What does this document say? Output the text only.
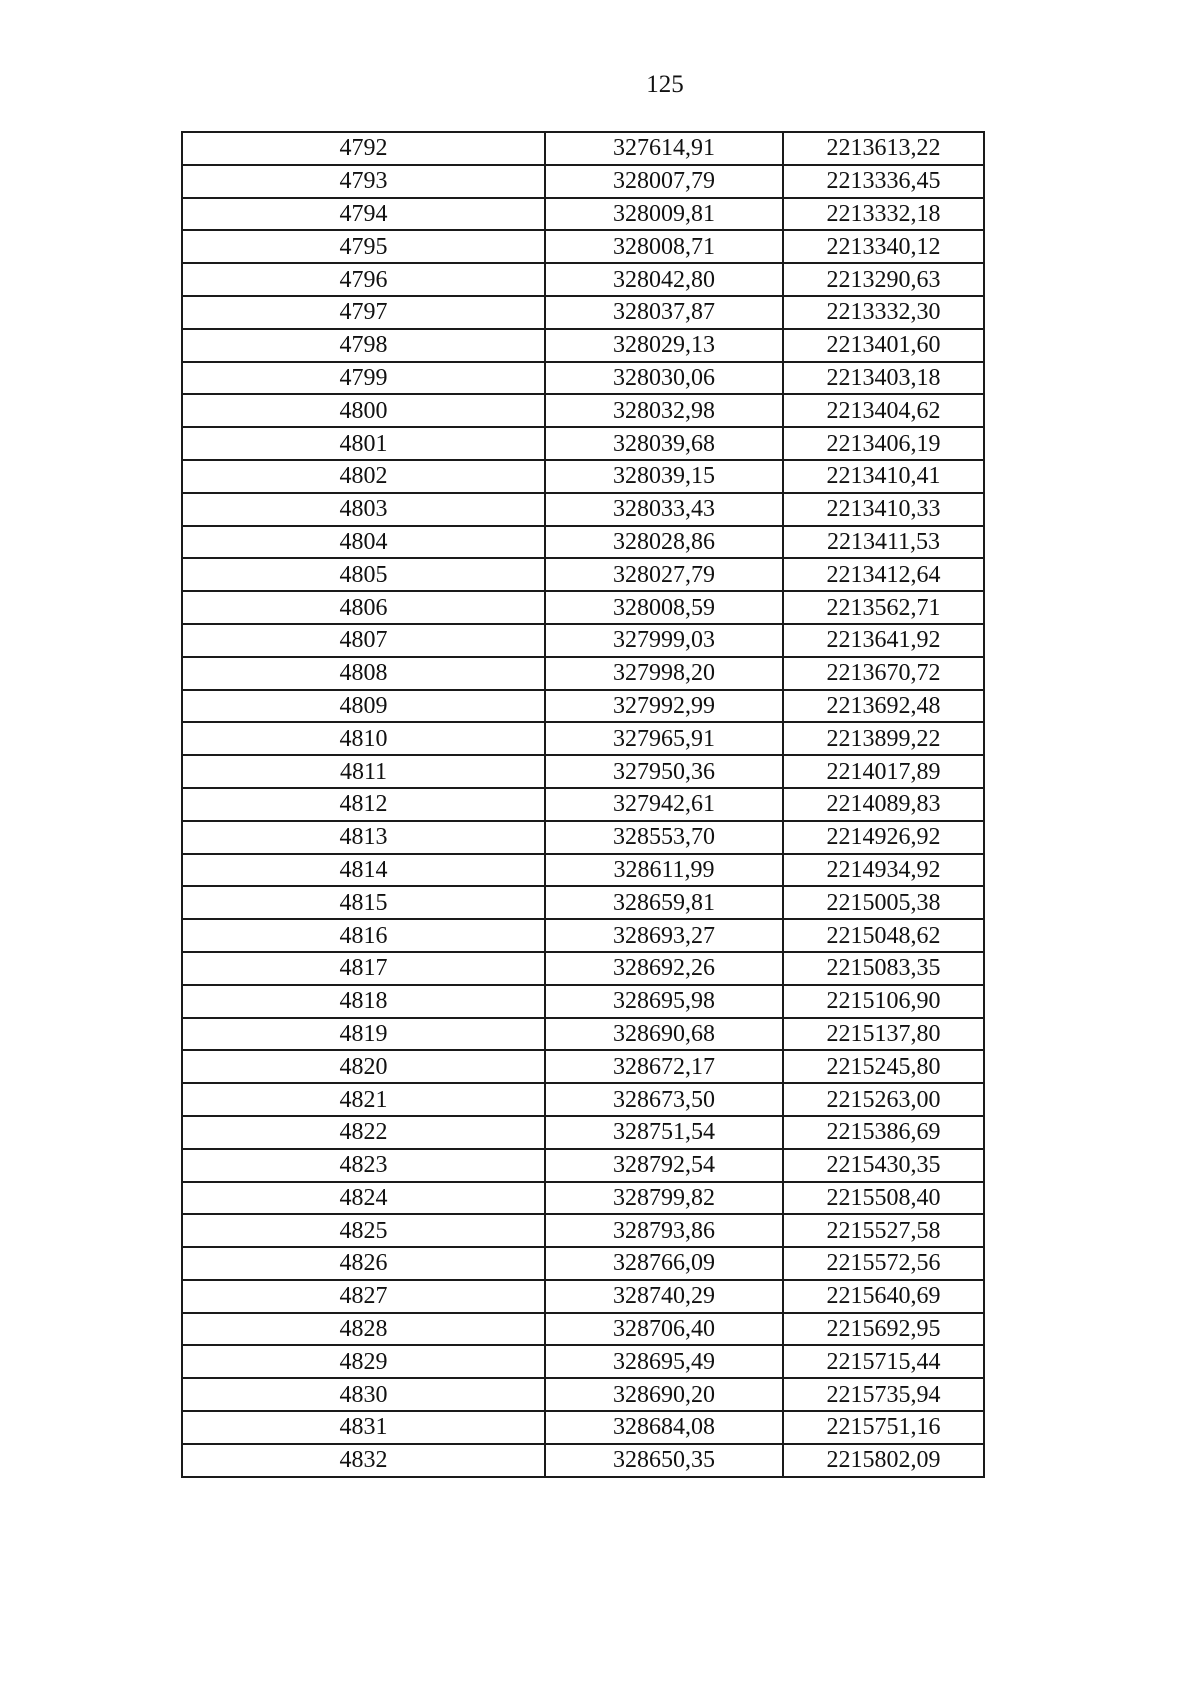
125
4792	327614,91	2213613,22
4793	328007,79	2213336,45
4794	328009,81	2213332,18
4795	328008,71	2213340,12
4796	328042,80	2213290,63
4797	328037,87	2213332,30
4798	328029,13	2213401,60
4799	328030,06	2213403,18
4800	328032,98	2213404,62
4801	328039,68	2213406,19
4802	328039,15	2213410,41
4803	328033,43	2213410,33
4804	328028,86	2213411,53
4805	328027,79	2213412,64
4806	328008,59	2213562,71
4807	327999,03	2213641,92
4808	327998,20	2213670,72
4809	327992,99	2213692,48
4810	327965,91	2213899,22
4811	327950,36	2214017,89
4812	327942,61	2214089,83
4813	328553,70	2214926,92
4814	328611,99	2214934,92
4815	328659,81	2215005,38
4816	328693,27	2215048,62
4817	328692,26	2215083,35
4818	328695,98	2215106,90
4819	328690,68	2215137,80
4820	328672,17	2215245,80
4821	328673,50	2215263,00
4822	328751,54	2215386,69
4823	328792,54	2215430,35
4824	328799,82	2215508,40
4825	328793,86	2215527,58
4826	328766,09	2215572,56
4827	328740,29	2215640,69
4828	328706,40	2215692,95
4829	328695,49	2215715,44
4830	328690,20	2215735,94
4831	328684,08	2215751,16
4832	328650,35	2215802,09
